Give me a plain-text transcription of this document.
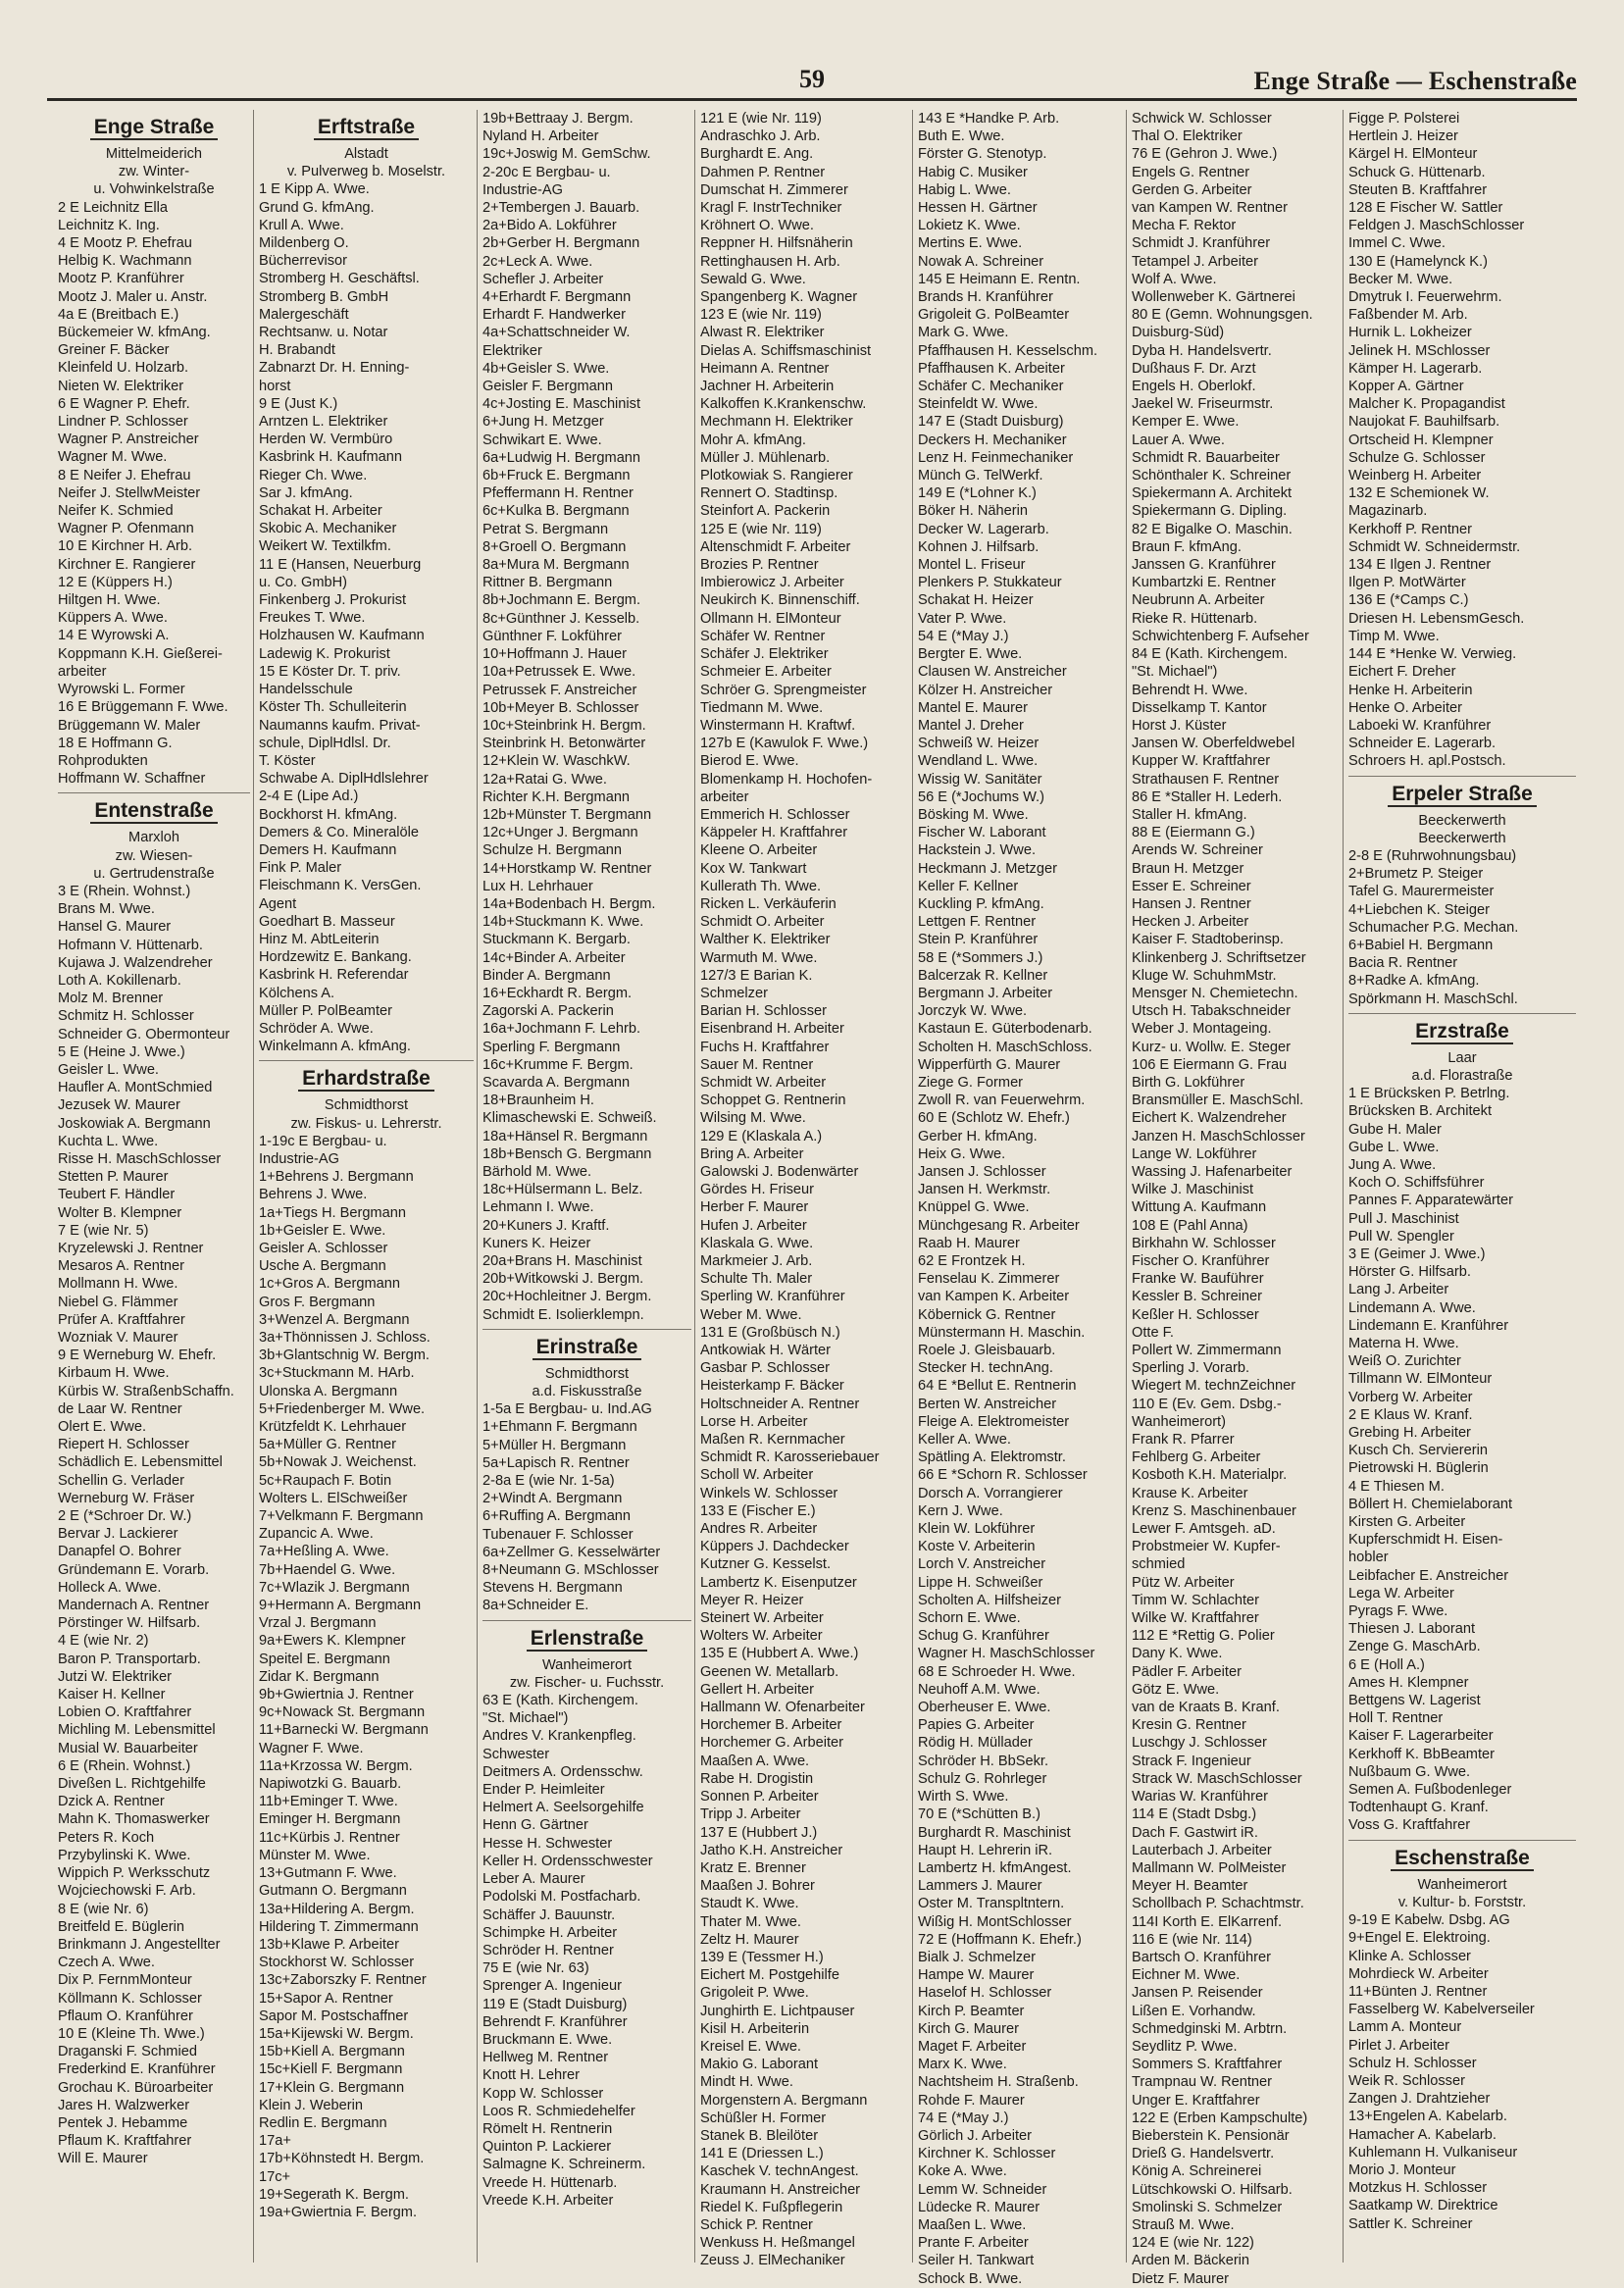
59	Enge Straße — Eschenstraße
Enge Straße
Mittelmeiderich
zw. Winter-
u. Vohwinkelstraße
2 E Leichnitz Ella
Leichnitz K. Ing.
4 E Mootz P. Ehefrau
Helbig K. Wachmann
Mootz P. Kranführer
Mootz J. Maler u. Anstr.
4a E (Breitbach E.)
Bückemeier W. kfmAng.
Greiner F. Bäcker
Kleinfeld U. Holzarb.
Nieten W. Elektriker
6 E Wagner P. Ehefr.
Lindner P. Schlosser
Wagner P. Anstreicher
Wagner M. Wwe.
8 E Neifer J. Ehefrau
Neifer J. StellwMeister
Neifer K. Schmied
Wagner P. Ofenmann
10 E Kirchner H. Arb.
Kirchner E. Rangierer
12 E (Küppers H.)
Hiltgen H. Wwe.
Küppers A. Wwe.
14 E Wyrowski A.
Koppmann K.H. Gießerei-
arbeiter
Wyrowski L. Former
16 E Brüggemann F. Wwe.
Brüggemann W. Maler
18 E Hoffmann G.
Rohprodukten
Hoffmann W. Schaffner
Entenstraße
Marxloh
zw. Wiesen-
u. Gertrudenstraße
3 E (Rhein. Wohnst.)
Brans M. Wwe.
Hansel G. Maurer
Hofmann V. Hüttenarb.
Kujawa J. Walzendreher
Loth A. Kokillenarb.
Molz M. Brenner
Schmitz H. Schlosser
Schneider G. Obermonteur
5 E (Heine J. Wwe.)
Geisler L. Wwe.
Haufler A. MontSchmied
Jezusek W. Maurer
Joskowiak A. Bergmann
Kuchta L. Wwe.
Risse H. MaschSchlosser
Stetten P. Maurer
Teubert F. Händler
Wolter B. Klempner
7 E (wie Nr. 5)
Kryzelewski J. Rentner
Mesaros A. Rentner
Mollmann H. Wwe.
Niebel G. Flämmer
Prüfer A. Kraftfahrer
Wozniak V. Maurer
9 E Werneburg W. Ehefr.
Kirbaum H. Wwe.
Kürbis W. StraßenbSchaffn.
de Laar W. Rentner
Olert E. Wwe.
Riepert H. Schlosser
Schädlich E. Lebensmittel
Schellin G. Verlader
Werneburg W. Fräser
2 E (*Schroer Dr. W.)
Bervar J. Lackierer
Danapfel O. Bohrer
Gründemann E. Vorarb.
Holleck A. Wwe.
Mandernach A. Rentner
Pörstinger W. Hilfsarb.
4 E (wie Nr. 2)
Baron P. Transportarb.
Jutzi W. Elektriker
Kaiser H. Kellner
Lobien O. Kraftfahrer
Michling M. Lebensmittel
Musial W. Bauarbeiter
6 E (Rhein. Wohnst.)
Diveßen L. Richtgehilfe
Dzick A. Rentner
Mahn K. Thomaswerker
Peters R. Koch
Przybylinski K. Wwe.
Wippich P. Werksschutz
Wojciechowski F. Arb.
8 E (wie Nr. 6)
Breitfeld E. Büglerin
Brinkmann J. Angestellter
Czech A. Wwe.
Dix P. FernmMonteur
Köllmann K. Schlosser
Pflaum O. Kranführer
10 E (Kleine Th. Wwe.)
Draganski F. Schmied
Frederkind E. Kranführer
Grochau K. Büroarbeiter
Jares H. Walzwerker
Pentek J. Hebamme
Pflaum K. Kraftfahrer
Will E. Maurer
Erftstraße
Alstadt
v. Pulverweg b. Moselstr.
1 E Kipp A. Wwe.
Grund G. kfmAng.
Krull A. Wwe.
Mildenberg O.
Bücherrevisor
Stromberg H. Geschäftsl.
Stromberg B. GmbH
Malergeschäft
Rechtsanw. u. Notar
H. Brabandt
Zabnarzt Dr. H. Enning-
horst
9 E (Just K.)
Arntzen L. Elektriker
Herden W. Vermbüro
Kasbrink H. Kaufmann
Rieger Ch. Wwe.
Sar J. kfmAng.
Schakat H. Arbeiter
Skobic A. Mechaniker
Weikert W. Textilkfm.
11 E (Hansen, Neuerburg
u. Co. GmbH)
Finkenberg J. Prokurist
Freukes T. Wwe.
Holzhausen W. Kaufmann
Ladewig K. Prokurist
15 E Köster Dr. T. priv.
Handelsschule
Köster Th. Schulleiterin
Naumanns kaufm. Privat-
schule, DiplHdlsl. Dr.
T. Köster
Schwabe A. DiplHdlslehrer
2-4 E (Lipe Ad.)
Bockhorst H. kfmAng.
Demers & Co. Mineralöle
Demers H. Kaufmann
Fink P. Maler
Fleischmann K. VersGen.
Agent
Goedhart B. Masseur
Hinz M. AbtLeiterin
Hordzewitz E. Bankang.
Kasbrink H. Referendar
Kölchens A.
Müller P. PolBeamter
Schröder A. Wwe.
Winkelmann A. kfmAng.
Erhardstraße
Schmidthorst
zw. Fiskus- u. Lehrerstr.
1-19c E Bergbau- u.
Industrie-AG
1+Behrens J. Bergmann
Behrens J. Wwe.
1a+Tiegs H. Bergmann
1b+Geisler E. Wwe.
Geisler A. Schlosser
Usche A. Bergmann
1c+Gros A. Bergmann
Gros F. Bergmann
3+Wenzel A. Bergmann
3a+Thönnissen J. Schloss.
3b+Glantschnig W. Bergm.
3c+Stuckmann M. HArb.
Ulonska A. Bergmann
5+Friedenberger M. Wwe.
Krützfeldt K. Lehrhauer
5a+Müller G. Rentner
5b+Nowak J. Weichenst.
5c+Raupach F. Botin
Wolters L. ElSchweißer
7+Velkmann F. Bergmann
Zupancic A. Wwe.
7a+Heßling A. Wwe.
7b+Haendel G. Wwe.
7c+Wlazik J. Bergmann
9+Hermann A. Bergmann
Vrzal J. Bergmann
9a+Ewers K. Klempner
Speitel E. Bergmann
Zidar K. Bergmann
9b+Gwiertnia J. Rentner
9c+Nowack St. Bergmann
11+Barnecki W. Bergmann
Wagner F. Wwe.
11a+Krzossa W. Bergm.
Napiwotzki G. Bauarb.
11b+Eminger T. Wwe.
Eminger H. Bergmann
11c+Kürbis J. Rentner
Münster M. Wwe.
13+Gutmann F. Wwe.
Gutmann O. Bergmann
13a+Hildering A. Bergm.
Hildering T. Zimmermann
13b+Klawe P. Arbeiter
Stockhorst W. Schlosser
13c+Zaborszky F. Rentner
15+Sapor A. Rentner
Sapor M. Postschaffner
15a+Kijewski W. Bergm.
15b+Kiell A. Bergmann
15c+Kiell F. Bergmann
17+Klein G. Bergmann
Klein J. Weberin
Redlin E. Bergmann
17a+
17b+Köhnstedt H. Bergm.
17c+
19+Segerath K. Bergm.
19a+Gwiertnia F. Bergm.
19b+Bettraay J. Bergm.
Nyland H. Arbeiter
19c+Joswig M. GemSchw.
2-20c E Bergbau- u.
Industrie-AG
2+Tembergen J. Bauarb.
2a+Bido A. Lokführer
2b+Gerber H. Bergmann
2c+Leck A. Wwe.
Schefler J. Arbeiter
4+Erhardt F. Bergmann
Erhardt F. Handwerker
4a+Schattschneider W.
Elektriker
4b+Geisler S. Wwe.
Geisler F. Bergmann
4c+Josting E. Maschinist
6+Jung H. Metzger
Schwikart E. Wwe.
6a+Ludwig H. Bergmann
6b+Fruck E. Bergmann
Pfeffermann H. Rentner
6c+Kulka B. Bergmann
Petrat S. Bergmann
8+Groell O. Bergmann
8a+Mura M. Bergmann
Rittner B. Bergmann
8b+Jochmann E. Bergm.
8c+Günthner J. Kesselb.
Günthner F. Lokführer
10+Hoffmann J. Hauer
10a+Petrussek E. Wwe.
Petrussek F. Anstreicher
10b+Meyer B. Schlosser
10c+Steinbrink H. Bergm.
Steinbrink H. Betonwärter
12+Klein W. WaschkW.
12a+Ratai G. Wwe.
Richter K.H. Bergmann
12b+Münster T. Bergmann
12c+Unger J. Bergmann
Schulze H. Bergmann
14+Horstkamp W. Rentner
Lux H. Lehrhauer
14a+Bodenbach H. Bergm.
14b+Stuckmann K. Wwe.
Stuckmann K. Bergarb.
14c+Binder A. Arbeiter
Binder A. Bergmann
16+Eckhardt R. Bergm.
Zagorski A. Packerin
16a+Jochmann F. Lehrb.
Sperling F. Bergmann
16c+Krumme F. Bergm.
Scavarda A. Bergmann
18+Braunheim H.
Klimaschewski E. Schweiß.
18a+Hänsel R. Bergmann
18b+Bensch G. Bergmann
Bärhold M. Wwe.
18c+Hülsermann L. Belz.
Lehmann I. Wwe.
20+Kuners J. Kraftf.
Kuners K. Heizer
20a+Brans H. Maschinist
20b+Witkowski J. Bergm.
20c+Hochleitner J. Bergm.
Schmidt E. Isolierklempn.
Erinstraße
Schmidthorst
a.d. Fiskusstraße
1-5a E Bergbau- u. Ind.AG
1+Ehmann F. Bergmann
5+Müller H. Bergmann
5a+Lapisch R. Rentner
2-8a E (wie Nr. 1-5a)
2+Windt A. Bergmann
6+Ruffing A. Bergmann
Tubenauer F. Schlosser
6a+Zellmer G. Kesselwärter
8+Neumann G. MSchlosser
Stevens H. Bergmann
8a+Schneider E.
Erlenstraße
Wanheimerort
zw. Fischer- u. Fuchsstr.
63 E (Kath. Kirchengem.
"St. Michael")
Andres V. Krankenpfleg.
Schwester
Deitmers A. Ordensschw.
Ender P. Heimleiter
Helmert A. Seelsorgehilfe
Henn G. Gärtner
Hesse H. Schwester
Keller H. Ordensschwester
Leber A. Maurer
Podolski M. Postfacharb.
Schäffer J. Bauunstr.
Schimpke H. Arbeiter
Schröder H. Rentner
75 E (wie Nr. 63)
Sprenger A. Ingenieur
119 E (Stadt Duisburg)
Behrendt F. Kranführer
Bruckmann E. Wwe.
Hellweg M. Rentner
Knott H. Lehrer
Kopp W. Schlosser
Loos R. Schmiedehelfer
Römelt H. Rentnerin
Quinton P. Lackierer
Salmagne K. Schreinerm.
Vreede H. Hüttenarb.
Vreede K.H. Arbeiter
121 E (wie Nr. 119)
Andraschko J. Arb.
Burghardt E. Ang.
Dahmen P. Rentner
Dumschat H. Zimmerer
Kragl F. InstrTechniker
Kröhnert O. Wwe.
Reppner H. Hilfsnäherin
Rettinghausen H. Arb.
Sewald G. Wwe.
Spangenberg K. Wagner
123 E (wie Nr. 119)
Alwast R. Elektriker
Dielas A. Schiffsmaschinist
Heimann A. Rentner
Jachner H. Arbeiterin
Kalkoffen K.Krankenschw.
Mechmann H. Elektriker
Mohr A. kfmAng.
Müller J. Mühlenarb.
Plotkowiak S. Rangierer
Rennert O. Stadtinsp.
Steinfort A. Packerin
125 E (wie Nr. 119)
Altenschmidt F. Arbeiter
Brozies P. Rentner
Imbierowicz J. Arbeiter
Neukirch K. Binnenschiff.
Ollmann H. ElMonteur
Schäfer W. Rentner
Schäfer J. Elektriker
Schmeier E. Arbeiter
Schröer G. Sprengmeister
Tiedmann M. Wwe.
Winstermann H. Kraftwf.
127b E (Kawulok F. Wwe.)
Bierod E. Wwe.
Blomenkamp H. Hochofen-
arbeiter
Emmerich H. Schlosser
Käppeler H. Kraftfahrer
Kleene O. Arbeiter
Kox W. Tankwart
Kullerath Th. Wwe.
Ricken L. Verkäuferin
Schmidt O. Arbeiter
Walther K. Elektriker
Warmuth M. Wwe.
127/3 E Barian K.
Schmelzer
Barian H. Schlosser
Eisenbrand H. Arbeiter
Fuchs H. Kraftfahrer
Sauer M. Rentner
Schmidt W. Arbeiter
Schoppet G. Rentnerin
Wilsing M. Wwe.
129 E (Klaskala A.)
Bring A. Arbeiter
Galowski J. Bodenwärter
Gördes H. Friseur
Herber F. Maurer
Hufen J. Arbeiter
Klaskala G. Wwe.
Markmeier J. Arb.
Schulte Th. Maler
Sperling W. Kranführer
Weber M. Wwe.
131 E (Großbüsch N.)
Antkowiak H. Wärter
Gasbar P. Schlosser
Heisterkamp F. Bäcker
Holtschneider A. Rentner
Lorse H. Arbeiter
Maßen R. Kernmacher
Schmidt R. Karosseriebauer
Scholl W. Arbeiter
Winkels W. Schlosser
133 E (Fischer E.)
Andres R. Arbeiter
Küppers J. Dachdecker
Kutzner G. Kesselst.
Lambertz K. Eisenputzer
Meyer R. Heizer
Steinert W. Arbeiter
Wolters W. Arbeiter
135 E (Hubbert A. Wwe.)
Geenen W. Metallarb.
Gellert H. Arbeiter
Hallmann W. Ofenarbeiter
Horchemer B. Arbeiter
Horchemer G. Arbeiter
Maaßen A. Wwe.
Rabe H. Drogistin
Sonnen P. Arbeiter
Tripp J. Arbeiter
137 E (Hubbert J.)
Jatho K.H. Anstreicher
Kratz E. Brenner
Maaßen J. Bohrer
Staudt K. Wwe.
Thater M. Wwe.
Zeltz H. Maurer
139 E (Tessmer H.)
Eichert M. Postgehilfe
Grigoleit P. Wwe.
Junghirth E. Lichtpauser
Kisil H. Arbeiterin
Kreisel E. Wwe.
Makio G. Laborant
Mindt H. Wwe.
Morgenstern A. Bergmann
Schüßler H. Former
Stanek B. Bleilöter
141 E (Driessen L.)
Kaschek V. technAngest.
Kraumann H. Anstreicher
Riedel K. Fußpflegerin
Schick P. Rentner
Wenkuss H. Heßmangel
Zeuss J. ElMechaniker
143 E *Handke P. Arb.
Buth E. Wwe.
Förster G. Stenotyp.
Habig C. Musiker
Habig L. Wwe.
Hessen H. Gärtner
Lokietz K. Wwe.
Mertins E. Wwe.
Nowak A. Schreiner
145 E Heimann E. Rentn.
Brands H. Kranführer
Grigoleit G. PolBeamter
Mark G. Wwe.
Pfaffhausen H. Kesselschm.
Pfaffhausen K. Arbeiter
Schäfer C. Mechaniker
Steinfeldt W. Wwe.
147 E (Stadt Duisburg)
Deckers H. Mechaniker
Lenz H. Feinmechaniker
Münch G. TelWerkf.
149 E (*Lohner K.)
Böker H. Näherin
Decker W. Lagerarb.
Kohnen J. Hilfsarb.
Montel L. Friseur
Plenkers P. Stukkateur
Schakat H. Heizer
Vater P. Wwe.
54 E (*May J.)
Bergter E. Wwe.
Clausen W. Anstreicher
Kölzer H. Anstreicher
Mantel E. Maurer
Mantel J. Dreher
Schweiß W. Heizer
Wendland L. Wwe.
Wissig W. Sanitäter
56 E (*Jochums W.)
Bösking M. Wwe.
Fischer W. Laborant
Hackstein J. Wwe.
Heckmann J. Metzger
Keller F. Kellner
Kuckling P. kfmAng.
Lettgen F. Rentner
Stein P. Kranführer
58 E (*Sommers J.)
Balcerzak R. Kellner
Bergmann J. Arbeiter
Jorczyk W. Wwe.
Kastaun E. Güterbodenarb.
Scholten H. MaschSchloss.
Wipperfürth G. Maurer
Ziege G. Former
Zwoll R. van Feuerwehrm.
60 E (Schlotz W. Ehefr.)
Gerber H. kfmAng.
Heix G. Wwe.
Jansen J. Schlosser
Jansen H. Werkmstr.
Knüppel G. Wwe.
Münchgesang R. Arbeiter
Raab H. Maurer
62 E Frontzek H.
Fenselau K. Zimmerer
van Kampen K. Arbeiter
Köbernick G. Rentner
Münstermann H. Maschin.
Roele J. Gleisbauarb.
Stecker H. technAng.
64 E *Bellut E. Rentnerin
Berten W. Anstreicher
Fleige A. Elektromeister
Keller A. Wwe.
Spätling A. Elektromstr.
66 E *Schorn R. Schlosser
Dorsch A. Vorrangierer
Kern J. Wwe.
Klein W. Lokführer
Koste V. Arbeiterin
Lorch V. Anstreicher
Lippe H. Schweißer
Scholten A. Hilfsheizer
Schorn E. Wwe.
Schug G. Kranführer
Wagner H. MaschSchlosser
68 E Schroeder H. Wwe.
Neuhoff A.M. Wwe.
Oberheuser E. Wwe.
Papies G. Arbeiter
Rödig H. Müllader
Schröder H. BbSekr.
Schulz G. Rohrleger
Wirth S. Wwe.
70 E (*Schütten B.)
Burghardt R. Maschinist
Haupt H. Lehrerin iR.
Lambertz H. kfmAngest.
Lammers J. Maurer
Oster M. Transpltntern.
Wißig H. MontSchlosser
72 E (Hoffmann K. Ehefr.)
Bialk J. Schmelzer
Hampe W. Maurer
Haselof H. Schlosser
Kirch P. Beamter
Kirch G. Maurer
Maget F. Arbeiter
Marx K. Wwe.
Nachtsheim H. Straßenb.
Rohde F. Maurer
74 E (*May J.)
Görlich J. Arbeiter
Kirchner K. Schlosser
Koke A. Wwe.
Lemm W. Schneider
Lüdecke R. Maurer
Maaßen L. Wwe.
Prante F. Arbeiter
Seiler H. Tankwart
Schock B. Wwe.
Schwick W. Schlosser
Thal O. Elektriker
76 E (Gehron J. Wwe.)
Engels G. Rentner
Gerden G. Arbeiter
van Kampen W. Rentner
Mecha F. Rektor
Schmidt J. Kranführer
Tetampel J. Arbeiter
Wolf A. Wwe.
Wollenweber K. Gärtnerei
80 E (Gemn. Wohnungsgen.
Duisburg-Süd)
Dyba H. Handelsvertr.
Dußhaus F. Dr. Arzt
Engels H. Oberlokf.
Jaekel W. Friseurmstr.
Kemper E. Wwe.
Lauer A. Wwe.
Schmidt R. Bauarbeiter
Schönthaler K. Schreiner
Spiekermann A. Architekt
Spiekermann G. Dipling.
82 E Bigalke O. Maschin.
Braun F. kfmAng.
Janssen G. Kranführer
Kumbartzki E. Rentner
Neubrunn A. Arbeiter
Rieke R. Hüttenarb.
Schwichtenberg F. Aufseher
84 E (Kath. Kirchengem.
"St. Michael")
Behrendt H. Wwe.
Disselkamp T. Kantor
Horst J. Küster
Jansen W. Oberfeldwebel
Kupper W. Kraftfahrer
Strathausen F. Rentner
86 E *Staller H. Lederh.
Staller H. kfmAng.
88 E (Eiermann G.)
Arends W. Schreiner
Braun H. Metzger
Esser E. Schreiner
Hansen J. Rentner
Hecken J. Arbeiter
Kaiser F. Stadtoberinsp.
Klinkenberg J. Schriftsetzer
Kluge W. SchuhmMstr.
Mensger N. Chemietechn.
Utsch H. Tabakschneider
Weber J. Montageing.
Kurz- u. Wollw. E. Steger
106 E Eiermann G. Frau
Birth G. Lokführer
Bransmüller E. MaschSchl.
Eichert K. Walzendreher
Janzen H. MaschSchlosser
Lange W. Lokführer
Wassing J. Hafenarbeiter
Wilke J. Maschinist
Wittung A. Kaufmann
108 E (Pahl Anna)
Birkhahn W. Schlosser
Fischer O. Kranführer
Franke W. Bauführer
Kessler B. Schreiner
Keßler H. Schlosser
Otte F.
Pollert W. Zimmermann
Sperling J. Vorarb.
Wiegert M. technZeichner
110 E (Ev. Gem. Dsbg.-
Wanheimerort)
Frank R. Pfarrer
Fehlberg G. Arbeiter
Kosboth K.H. Materialpr.
Krause K. Arbeiter
Krenz S. Maschinenbauer
Lewer F. Amtsgeh. aD.
Probstmeier W. Kupfer-
schmied
Pütz W. Arbeiter
Timm W. Schlachter
Wilke W. Kraftfahrer
112 E *Rettig G. Polier
Dany K. Wwe.
Pädler F. Arbeiter
Götz E. Wwe.
van de Kraats B. Kranf.
Kresin G. Rentner
Luschgy J. Schlosser
Strack F. Ingenieur
Strack W. MaschSchlosser
Warias W. Kranführer
114 E (Stadt Dsbg.)
Dach F. Gastwirt iR.
Lauterbach J. Arbeiter
Mallmann W. PolMeister
Meyer H. Beamter
Schollbach P. Schachtmstr.
114I Korth E. ElKarrenf.
116 E (wie Nr. 114)
Bartsch O. Kranführer
Eichner M. Wwe.
Jansen P. Reisender
Lißen E. Vorhandw.
Schmedginski M. Arbtrn.
Seydlitz P. Wwe.
Sommers S. Kraftfahrer
Trampnau W. Rentner
Unger E. Kraftfahrer
122 E (Erben Kampschulte)
Bieberstein K. Pensionär
Drieß G. Handelsvertr.
König A. Schreinerei
Lütschkowski O. Hilfsarb.
Smolinski S. Schmelzer
Strauß M. Wwe.
124 E (wie Nr. 122)
Arden M. Bäckerin
Dietz F. Maurer
Figge P. Polsterei
Hertlein J. Heizer
Kärgel H. ElMonteur
Schuck G. Hüttenarb.
Steuten B. Kraftfahrer
128 E Fischer W. Sattler
Feldgen J. MaschSchlosser
Immel C. Wwe.
130 E (Hamelynck K.)
Becker M. Wwe.
Dmytruk I. Feuerwehrm.
Faßbender M. Arb.
Hurnik L. Lokheizer
Jelinek H. MSchlosser
Kämper H. Lagerarb.
Kopper A. Gärtner
Malcher K. Propagandist
Naujokat F. Bauhilfsarb.
Ortscheid H. Klempner
Schulze G. Schlosser
Weinberg H. Arbeiter
132 E Schemionek W.
Magazinarb.
Kerkhoff P. Rentner
Schmidt W. Schneidermstr.
134 E Ilgen J. Rentner
Ilgen P. MotWärter
136 E (*Camps C.)
Driesen H. LebensmGesch.
Timp M. Wwe.
144 E *Henke W. Verwieg.
Eichert F. Dreher
Henke H. Arbeiterin
Henke O. Arbeiter
Laboeki W. Kranführer
Schneider E. Lagerarb.
Schroers H. apl.Postsch.
Erpeler Straße
Beeckerwerth
Beeckerwerth
2-8 E (Ruhrwohnungsbau)
2+Brumetz P. Steiger
Tafel G. Maurermeister
4+Liebchen K. Steiger
Schumacher P.G. Mechan.
6+Babiel H. Bergmann
Bacia R. Rentner
8+Radke A. kfmAng.
Spörkmann H. MaschSchl.
Erzstraße
Laar
a.d. Florastraße
1 E Brücksken P. Betrlng.
Brücksken B. Architekt
Gube H. Maler
Gube L. Wwe.
Jung A. Wwe.
Koch O. Schiffsführer
Pannes F. Apparatewärter
Pull J. Maschinist
Pull W. Spengler
3 E (Geimer J. Wwe.)
Hörster G. Hilfsarb.
Lang J. Arbeiter
Lindemann A. Wwe.
Lindemann E. Kranführer
Materna H. Wwe.
Weiß O. Zurichter
Tillmann W. ElMonteur
Vorberg W. Arbeiter
2 E Klaus W. Kranf.
Grebing H. Arbeiter
Kusch Ch. Serviererin
Pietrowski H. Büglerin
4 E Thiesen M.
Böllert H. Chemielaborant
Kirsten G. Arbeiter
Kupferschmidt H. Eisen-
hobler
Leibfacher E. Anstreicher
Lega W. Arbeiter
Pyrags F. Wwe.
Thiesen J. Laborant
Zenge G. MaschArb.
6 E (Holl A.)
Ames H. Klempner
Bettgens W. Lagerist
Holl T. Rentner
Kaiser F. Lagerarbeiter
Kerkhoff K. BbBeamter
Nußbaum G. Wwe.
Semen A. Fußbodenleger
Todtenhaupt G. Kranf.
Voss G. Kraftfahrer
Eschenstraße
Wanheimerort
v. Kultur- b. Forststr.
9-19 E Kabelw. Dsbg. AG
9+Engel E. Elektroing.
Klinke A. Schlosser
Mohrdieck W. Arbeiter
11+Bünten J. Rentner
Fasselberg W. Kabelverseiler
Lamm A. Monteur
Pirlet J. Arbeiter
Schulz H. Schlosser
Weik R. Schlosser
Zangen J. Drahtzieher
13+Engelen A. Kabelarb.
Hamacher A. Kabelarb.
Kuhlemann H. Vulkaniseur
Morio J. Monteur
Motzkus H. Schlosser
Saatkamp W. Direktrice
Sattler K. Schreiner
